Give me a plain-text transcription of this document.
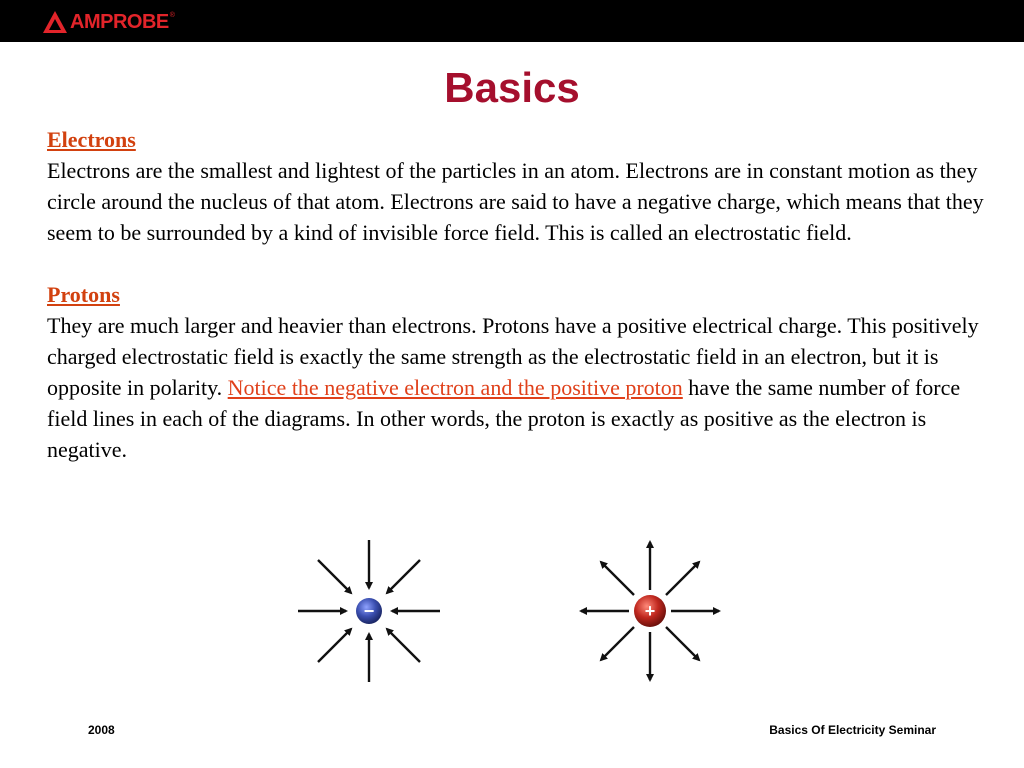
AMPROBE ®
Basics

Electrons

Electrons are the smallest and lightest of the particles in an atom. Electrons are in constant motion as they circle around the nucleus of that atom. Electrons are said to have a negative charge, which means that they seem to be surrounded by a kind of invisible force field. This is called an electrostatic field.

Protons

They are much larger and heavier than electrons. Protons have a positive electrical charge. This positively charged electrostatic field is exactly the same strength as the electrostatic field in an electron, but it is opposite in polarity. Notice the negative electron and the positive proton have the same number of force field lines in each of the diagrams. In other words, the proton is exactly as positive as the electron is negative.

−	+
2008	Basics Of Electricity Seminar
